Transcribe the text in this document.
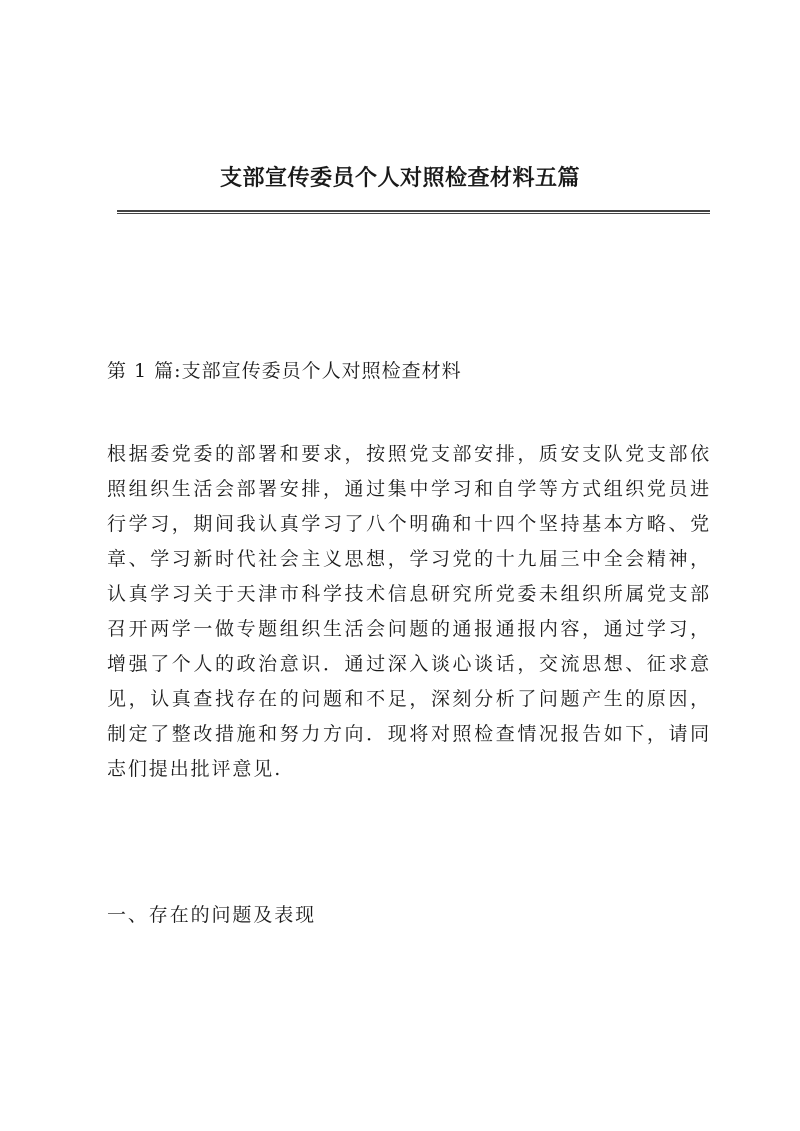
支部宣传委员个人对照检查材料五篇
第 1 篇:支部宣传委员个人对照检查材料
根据委党委的部署和要求，按照党支部安排，质安支队党支部依照组织生活会部署安排，通过集中学习和自学等方式组织党员进行学习，期间我认真学习了八个明确和十四个坚持基本方略、党章、学习新时代社会主义思想，学习党的十九届三中全会精神，认真学习关于天津市科学技术信息研究所党委未组织所属党支部召开两学一做专题组织生活会问题的通报通报内容，通过学习，增强了个人的政治意识．通过深入谈心谈话，交流思想、征求意见，认真查找存在的问题和不足，深刻分析了问题产生的原因，制定了整改措施和努力方向．现将对照检查情况报告如下，请同志们提出批评意见.
一、存在的问题及表现
